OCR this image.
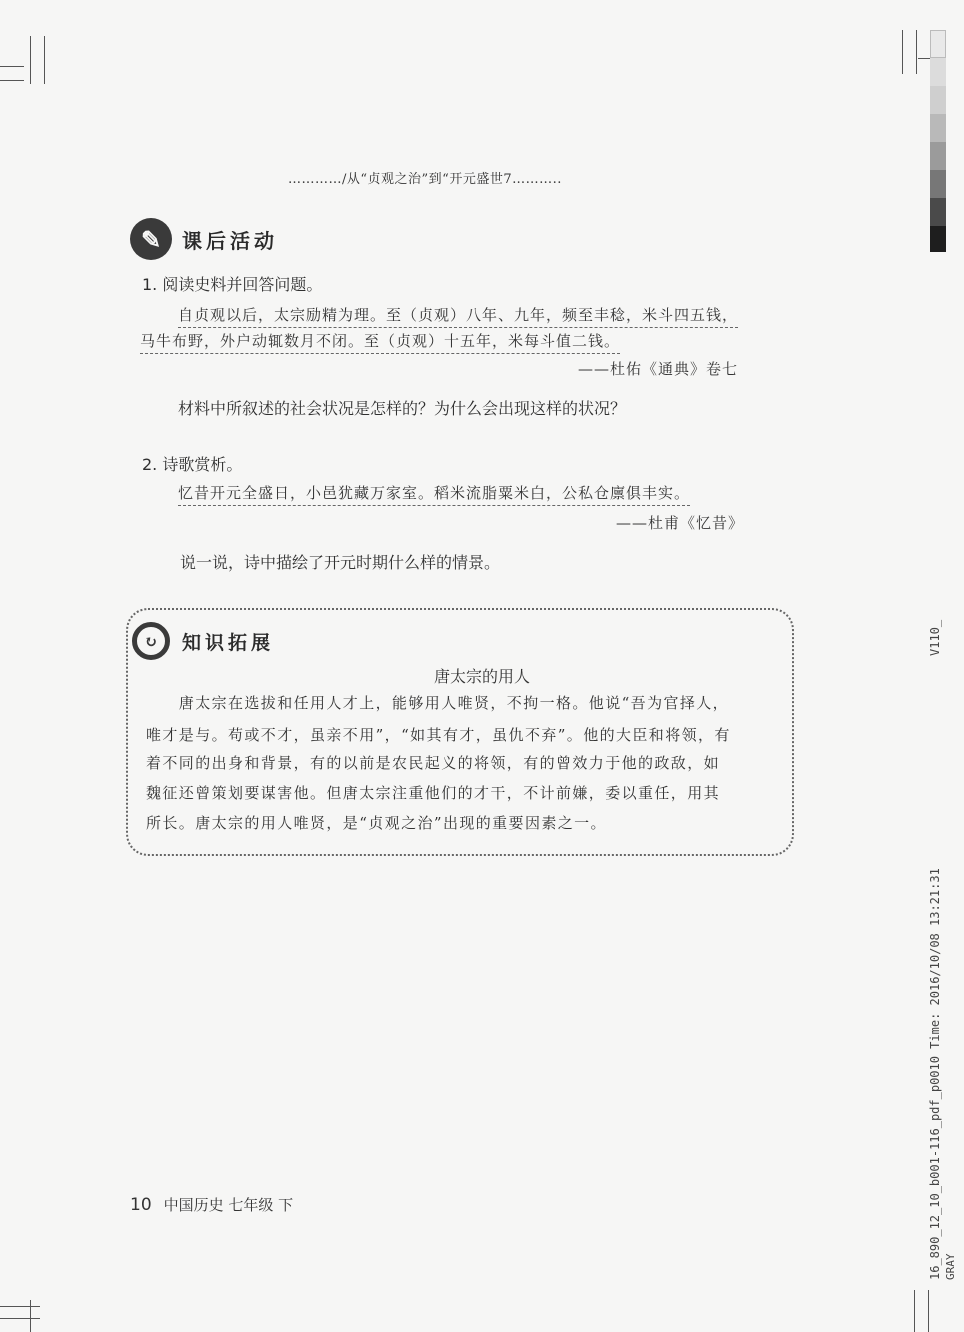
…………/从“贞观之治”到“开元盛世7………..
✎	课后活动
1. 阅读史料并回答问题。
自贞观以后，太宗励精为理。至（贞观）八年、九年，频至丰稔，米斗四五钱，
马牛布野，外户动辄数月不闭。至（贞观）十五年，米每斗值二钱。
——杜佑《通典》卷七
材料中所叙述的社会状况是怎样的？为什么会出现这样的状况？
2. 诗歌赏析。
忆昔开元全盛日，小邑犹藏万家室。稻米流脂粟米白，公私仓廪俱丰实。
——杜甫《忆昔》
说一说，诗中描绘了开元时期什么样的情景。
↻	知识拓展
唐太宗的用人
　　唐太宗在选拔和任用人才上，能够用人唯贤，不拘一格。他说“吾为官择人，
唯才是与。苟或不才，虽亲不用”，“如其有才，虽仇不弃”。他的大臣和将领，有
着不同的出身和背景，有的以前是农民起义的将领，有的曾效力于他的政敌，如
魏征还曾策划要谋害他。但唐太宗注重他们的才干，不计前嫌，委以重任，用其
所长。唐太宗的用人唯贤，是“贞观之治”出现的重要因素之一。
10 中国历史 七年级 下
V110_
16_890_12_10_b001-116_pdf_p0010 Time: 2016/10/08 13:21:31 GRAY
